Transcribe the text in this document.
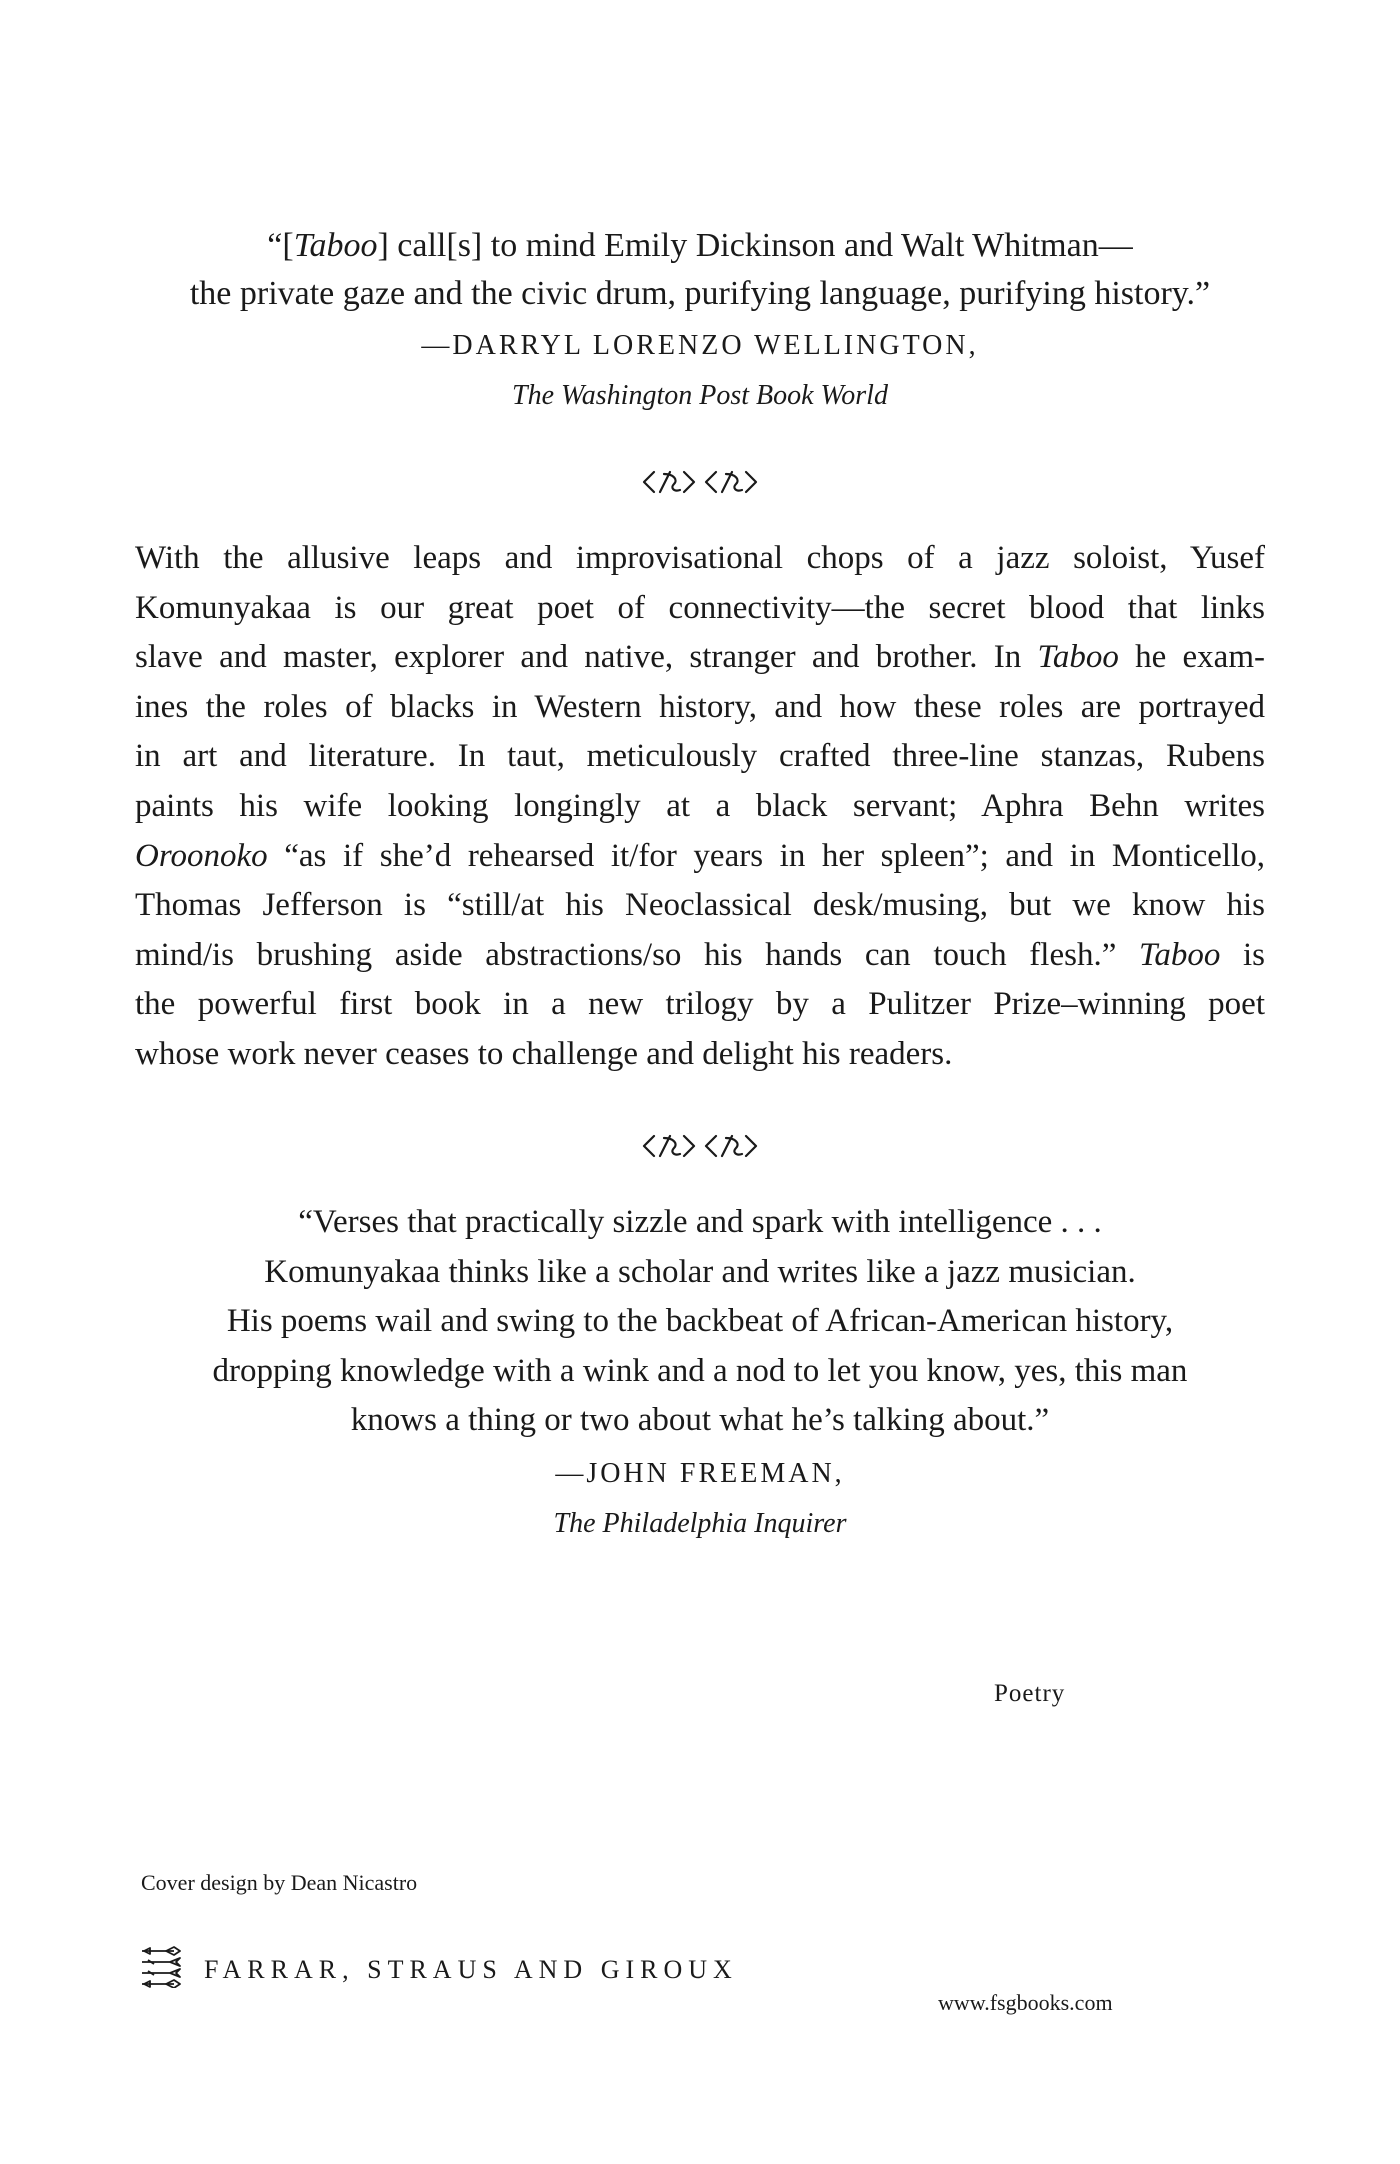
“[Taboo] call[s] to mind Emily Dickinson and Walt Whitman—
the private gaze and the civic drum, purifying language, purifying history.”
—DARRYL LORENZO WELLINGTON,
The Washington Post Book World
With the allusive leaps and improvisational chops of a jazz soloist, Yusef
Komunyakaa is our great poet of connectivity—the secret blood that links
slave and master, explorer and native, stranger and brother. In Taboo he exam-
ines the roles of blacks in Western history, and how these roles are portrayed
in art and literature. In taut, meticulously crafted three-line stanzas, Rubens
paints his wife looking longingly at a black servant; Aphra Behn writes
Oroonoko “as if she’d rehearsed it/for years in her spleen”; and in Monticello,
Thomas Jefferson is “still/at his Neoclassical desk/musing, but we know his
mind/is brushing aside abstractions/so his hands can touch flesh.” Taboo is
the powerful first book in a new trilogy by a Pulitzer Prize–winning poet
whose work never ceases to challenge and delight his readers.
“Verses that practically sizzle and spark with intelligence . . .
Komunyakaa thinks like a scholar and writes like a jazz musician.
His poems wail and swing to the backbeat of African-American history,
dropping knowledge with a wink and a nod to let you know, yes, this man
knows a thing or two about what he’s talking about.”
—JOHN FREEMAN,
The Philadelphia Inquirer
Poetry
Cover design by Dean Nicastro
FARRAR, STRAUS AND GIROUX
www.fsgbooks.com
